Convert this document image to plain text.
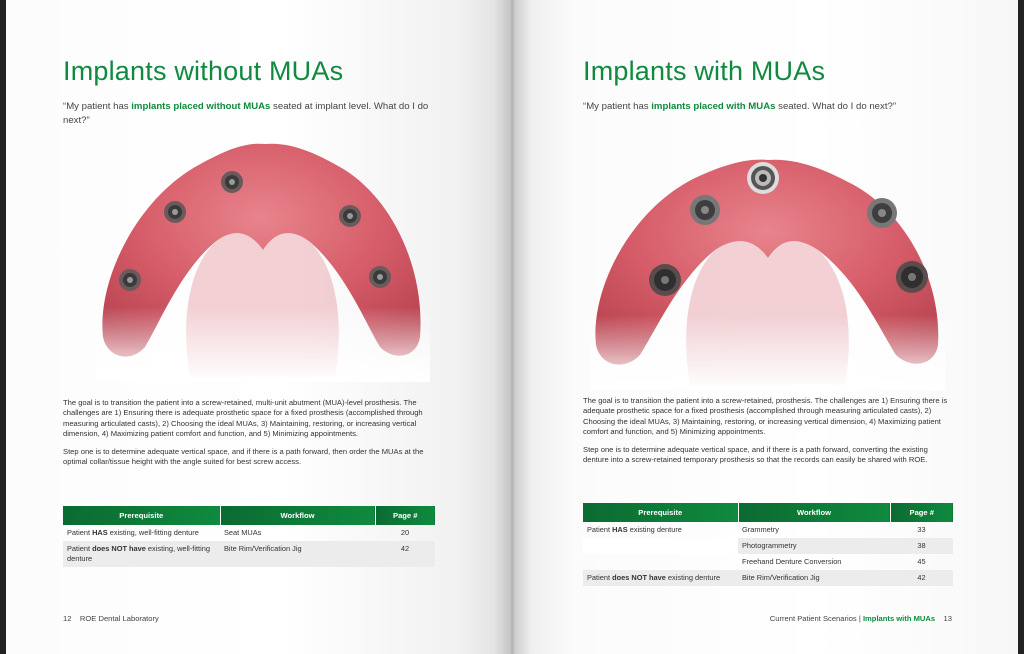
Implants without MUAs

“My patient has implants placed without MUAs seated at implant level. What do I do next?”

The goal is to transition the patient into a screw-retained, multi-unit abutment (MUA)-level prosthesis. The challenges are 1) Ensuring there is adequate prosthetic space for a fixed prosthesis (accomplished through measuring articulated casts), 2) Choosing the ideal MUAs, 3) Maintaining, restoring, or increasing vertical dimension, 4) Maximizing patient comfort and function, and 5) Minimizing appointments.

Step one is to determine adequate vertical space, and if there is a path forward, then order the MUAs at the optimal collar/tissue height with the angle suited for best screw access.

Prerequisite	Workflow	Page #
Patient HAS existing, well-fitting denture	Seat MUAs	20
Patient does NOT have existing, well-fitting denture	Bite Rim/Verification Jig	42

12 ROE Dental Laboratory

Implants with MUAs

“My patient has implants placed with MUAs seated. What do I do next?”

The goal is to transition the patient into a screw-retained, prosthesis. The challenges are 1) Ensuring there is adequate prosthetic space for a fixed prosthesis (accomplished through measuring articulated casts), 2) Choosing the ideal MUAs, 3) Maintaining, restoring, or increasing vertical dimension, 4) Maximizing patient comfort and function, and 5) Minimizing appointments.

Step one is to determine adequate vertical space, and if there is a path forward, converting the existing denture into a screw-retained temporary prosthesis so that the records can easily be shared with ROE.

Prerequisite	Workflow	Page #
Patient HAS existing denture	Grammetry	33
	Photogrammetry	38
	Freehand Denture Conversion	45
Patient does NOT have existing denture	Bite Rim/Verification Jig	42

Current Patient Scenarios | Implants with MUAs 13
